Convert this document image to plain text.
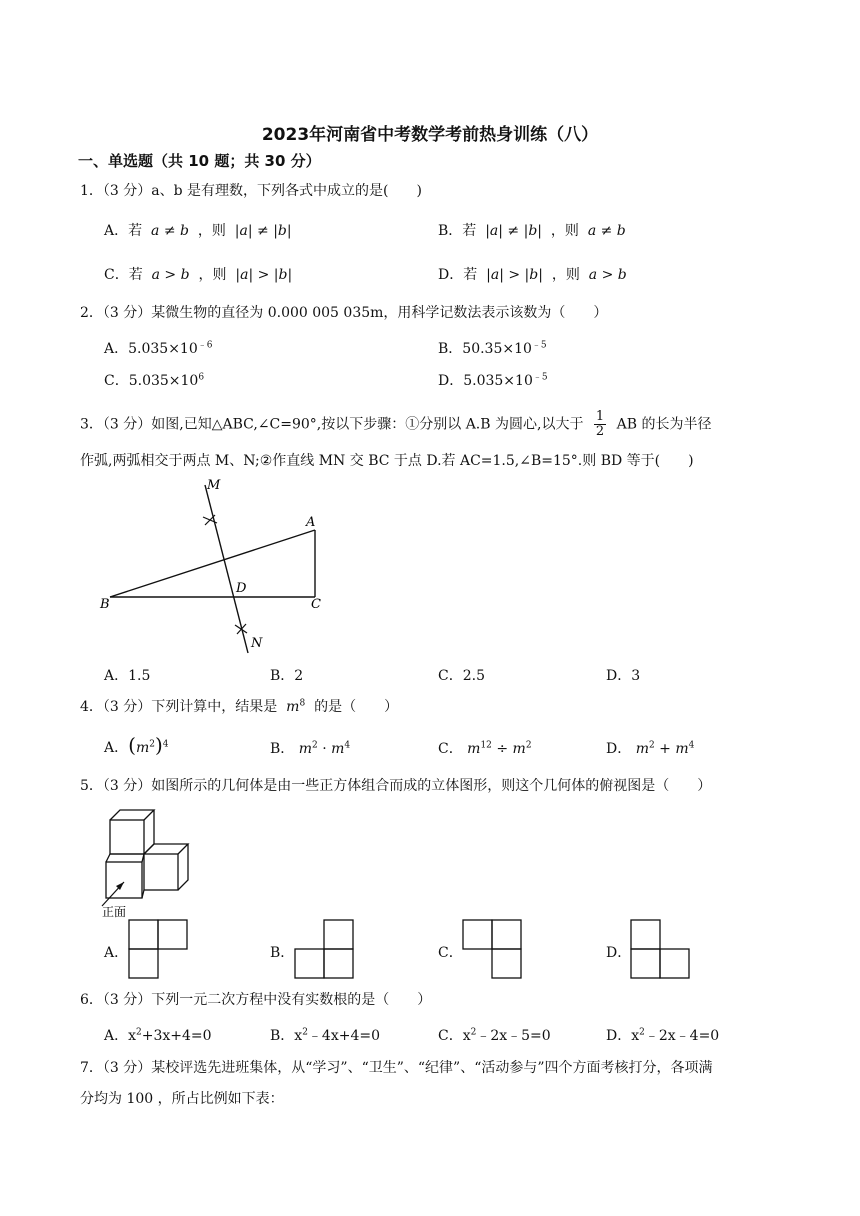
2023年河南省中考数学考前热身训练（八）
一、单选题（共 10 题；共 30 分）
1．（3 分）a、b 是有理数，下列各式中成立的是(　　)
A．若 a ≠ b ，则 |a| ≠ |b|	B．若 |a| ≠ |b| ，则 a ≠ b
C．若 a > b ，则 |a| > |b|	D．若 |a| > |b| ，则 a > b
2．（3 分）某微生物的直径为 0.000 005 035m，用科学记数法表示该数为（　　）
A．$5.035\times 10^{﹣6}$	B．$50.35\times 10^{﹣5}$
C．$5.035\times 10^6$	D．$5.035\times 10^{﹣5}$
3．（3 分）如图,已知△ABC,∠C=90°,按以下步骤：①分别以 A.B 为圆心,以大于 $\frac{1}{2}$ AB 的长为半径
作弧,两弧相交于两点 M、N;②作直线 MN 交 BC 于点 D.若 AC=1.5,∠B=15°.则 BD 等于(　　)
M
A
D
B	C
N
A．1.5	B．2	C．2.5	D．3
4．（3 分）下列计算中，结果是 $m^8$ 的是（　　）
A．$(m^2)^4$	B． $m^2 \cdot m^4$	C． $m^{12} \div m^2$	D． $m^2 + m^4$
5．（3 分）如图所示的几何体是由一些正方体组合而成的立体图形，则这个几何体的俯视图是（　　）
正面
A．	B．	C．	D．
6．（3 分）下列一元二次方程中没有实数根的是（　　）
A．$x^2+3x+4=0$	B．$x^2﹣4x+4=0$	C．$x^2﹣2x﹣5=0$	D．$x^2﹣2x﹣4=0$
7．（3 分）某校评选先进班集体，从“学习”、“卫生”、“纪律”、“活动参与”四个方面考核打分，各项满
分均为 100 ，所占比例如下表：
